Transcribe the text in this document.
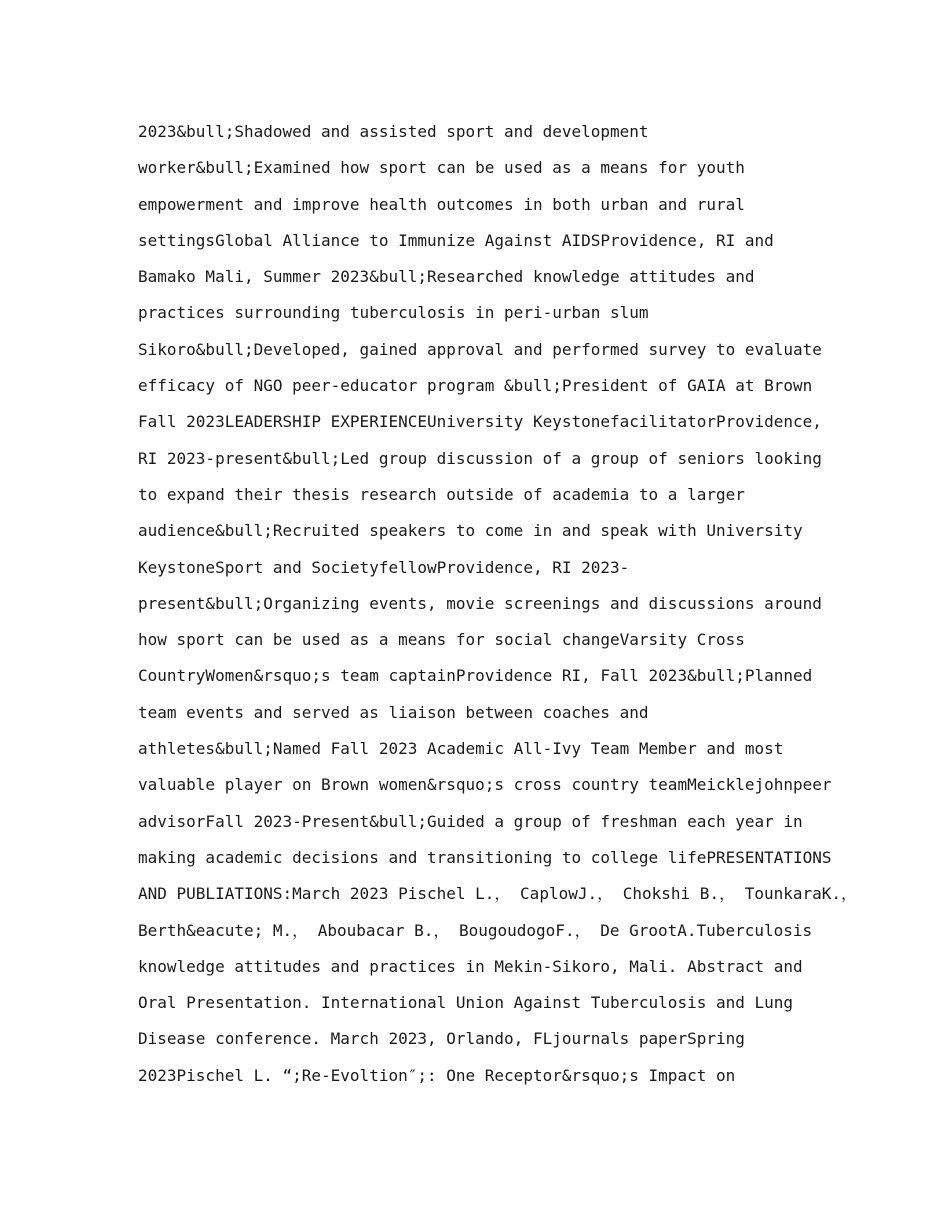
2023&bull;Shadowed and assisted sport and development
worker&bull;Examined how sport can be used as a means for youth
empowerment and improve health outcomes in both urban and rural
settingsGlobal Alliance to Immunize Against AIDSProvidence, RI and
Bamako Mali, Summer 2023&bull;Researched knowledge attitudes and
practices surrounding tuberculosis in peri-urban slum
Sikoro&bull;Developed, gained approval and performed survey to evaluate
efficacy of NGO peer-educator program &bull;President of GAIA at Brown
Fall 2023LEADERSHIP EXPERIENCEUniversity KeystonefacilitatorProvidence,
RI 2023-present&bull;Led group discussion of a group of seniors looking
to expand their thesis research outside of academia to a larger
audience&bull;Recruited speakers to come in and speak with University
KeystoneSport and SocietyfellowProvidence, RI 2023-
present&bull;Organizing events, movie screenings and discussions around
how sport can be used as a means for social changeVarsity Cross
CountryWomen&rsquo;s team captainProvidence RI, Fall 2023&bull;Planned
team events and served as liaison between coaches and
athletes&bull;Named Fall 2023 Academic All-Ivy Team Member and most
valuable player on Brown women&rsquo;s cross country teamMeicklejohnpeer
advisorFall 2023-Present&bull;Guided a group of freshman each year in
making academic decisions and transitioning to college lifePRESENTATIONS
AND PUBLIATIONS:March 2023 Pischel L.， CaplowJ.， Chokshi B.， TounkaraK.，
Berth&eacute; M.， Aboubacar B.， BougoudogoF.， De GrootA.Tuberculosis
knowledge attitudes and practices in Mekin-Sikoro, Mali. Abstract and
Oral Presentation. International Union Against Tuberculosis and Lung
Disease conference. March 2023, Orlando, FLjournals paperSpring
2023Pischel L. “;Re-Evoltion″;: One Receptor&rsquo;s Impact on
